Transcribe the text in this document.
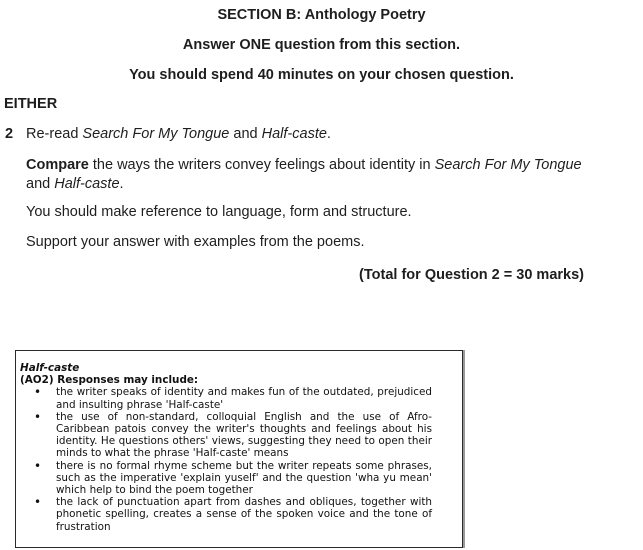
SECTION B: Anthology Poetry
Answer ONE question from this section.
You should spend 40 minutes on your chosen question.
EITHER
2 Re-read Search For My Tongue and Half-caste.
Compare the ways the writers convey feelings about identity in Search For My Tongue
and Half-caste.
You should make reference to language, form and structure.
Support your answer with examples from the poems.
(Total for Question 2 = 30 marks)
Half-caste
(AO2) Responses may include:
• the writer speaks of identity and makes fun of the outdated, prejudiced and insulting phrase 'Half-caste'
• the use of non-standard, colloquial English and the use of Afro-Caribbean patois convey the writer's thoughts and feelings about his identity. He questions others' views, suggesting they need to open their minds to what the phrase 'Half-caste' means
• there is no formal rhyme scheme but the writer repeats some phrases, such as the imperative 'explain yuself' and the question 'wha yu mean' which help to bind the poem together
• the lack of punctuation apart from dashes and obliques, together with phonetic spelling, creates a sense of the spoken voice and the tone of frustration
